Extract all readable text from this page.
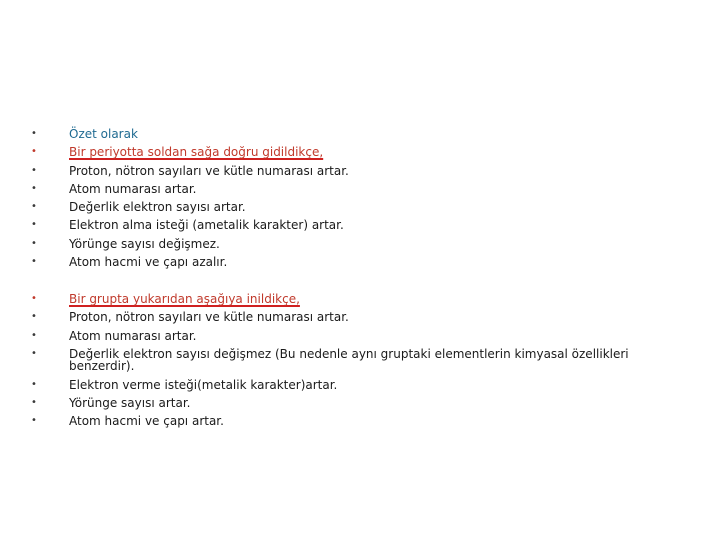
•	Özet olarak
•	Bir periyotta soldan sağa doğru gidildikçe,
•	Proton, nötron sayıları ve kütle numarası artar.
•	Atom numarası artar.
•	Değerlik elektron sayısı artar.
•	Elektron alma isteği (ametalik karakter) artar.
•	Yörünge sayısı değişmez.
•	Atom hacmi ve çapı azalır.
•	Bir grupta yukarıdan aşağıya inildikçe,
•	Proton, nötron sayıları ve kütle numarası artar.
•	Atom numarası artar.
•	Değerlik elektron sayısı değişmez (Bu nedenle aynı gruptaki elementlerin kimyasal özellikleri benzerdir).
•	Elektron verme isteği(metalik karakter)artar.
•	Yörünge sayısı artar.
•	Atom hacmi ve çapı artar.
